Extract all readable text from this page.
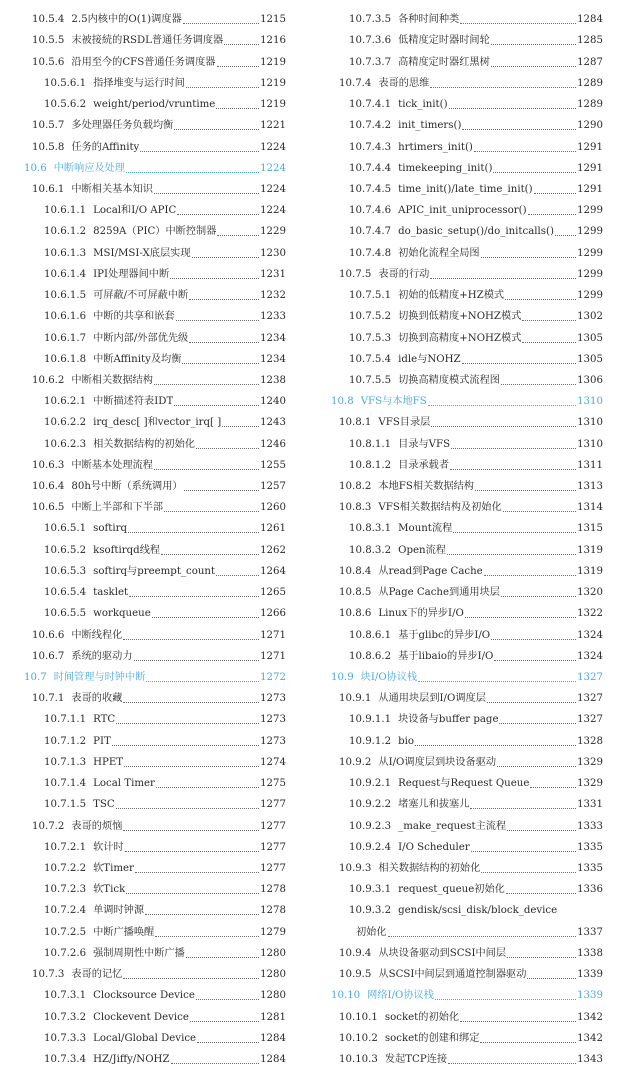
10.5.4 2.5内核中的O(1)调度器	1215
10.5.5 末被接続的RSDL普通任务调度器	1216
10.5.6 沿用至今的CFS普通任务调度器	1219
10.5.6.1 指择堆变与运行时间	1219
10.5.6.2 weight/period/vruntime	1219
10.5.7 多处理器任务负载均衡	1221
10.5.8 任务的Affinity	1224
10.6 中断响应及处理	1224
10.6.1 中断相关基本知识	1224
10.6.1.1 Local和I/O APIC	1224
10.6.1.2 8259A（PIC）中断控制器	1229
10.6.1.3 MSI/MSI-X底层实现	1230
10.6.1.4 IPI处理器间中断	1231
10.6.1.5 可屏蔽/不可屏蔽中断	1232
10.6.1.6 中断的共享和嵌套	1233
10.6.1.7 中断内部/外部优先级	1234
10.6.1.8 中断Affinity及均衡	1234
10.6.2 中断相关数据结构	1238
10.6.2.1 中断描述符表IDT	1240
10.6.2.2 irq_desc[ ]和vector_irq[ ]	1243
10.6.2.3 相关数据结构的初始化	1246
10.6.3 中断基本处理流程	1255
10.6.4 80h号中断（系统调用）	1257
10.6.5 中断上半部和下半部	1260
10.6.5.1 softirq	1261
10.6.5.2 ksoftirqd线程	1262
10.6.5.3 softirq与preempt_count	1264
10.6.5.4 tasklet	1265
10.6.5.5 workqueue	1266
10.6.6 中断线程化	1271
10.6.7 系统的驱动力	1271
10.7 时间管理与时钟中断	1272
10.7.1 表哥的收藏	1273
10.7.1.1 RTC	1273
10.7.1.2 PIT	1273
10.7.1.3 HPET	1274
10.7.1.4 Local Timer	1275
10.7.1.5 TSC	1277
10.7.2 表哥的烦恼	1277
10.7.2.1 软计时	1277
10.7.2.2 软Timer	1277
10.7.2.3 软Tick	1278
10.7.2.4 单调时钟源	1278
10.7.2.5 中断广播唤醒	1279
10.7.2.6 强制周期性中断广播	1280
10.7.3 表哥的记忆	1280
10.7.3.1 Clocksource Device	1280
10.7.3.2 Clockevent Device	1281
10.7.3.3 Local/Global Device	1284
10.7.3.4 HZ/Jiffy/NOHZ	1284
10.7.3.5 各种时间种类	1284
10.7.3.6 低精度定时器时间轮	1285
10.7.3.7 高精度定时器红黑树	1287
10.7.4 表哥的思维	1289
10.7.4.1 tick_init()	1289
10.7.4.2 init_timers()	1290
10.7.4.3 hrtimers_init()	1291
10.7.4.4 timekeeping_init()	1291
10.7.4.5 time_init()/late_time_init()	1291
10.7.4.6 APIC_init_uniprocessor()	1299
10.7.4.7 do_basic_setup()/do_initcalls() 1299
10.7.4.8 初始化流程全局图	1299
10.7.5 表哥的行动	1299
10.7.5.1 初始的低精度+HZ模式	1299
10.7.5.2 切换到低精度+NOHZ模式	1302
10.7.5.3 切换到高精度+NOHZ模式	1305
10.7.5.4 idle与NOHZ	1305
10.7.5.5 切换高精度模式流程图	1306
10.8 VFS与本地FS	1310
10.8.1 VFS目录层	1310
10.8.1.1 目录与VFS	1310
10.8.1.2 目录承载者	1311
10.8.2 本地FS相关数据结构	1313
10.8.3 VFS相关数据结构及初始化	1314
10.8.3.1 Mount流程	1315
10.8.3.2 Open流程	1319
10.8.4 从read到Page Cache	1319
10.8.5 从Page Cache到通用块层	1320
10.8.6 Linux下的异步I/O	1322
10.8.6.1 基于glibc的异步I/O	1324
10.8.6.2 基于libaio的异步I/O	1324
10.9 块I/O协议栈	1327
10.9.1 从通用块层到I/O调度层	1327
10.9.1.1 块设备与buffer page	1327
10.9.1.2 bio	1328
10.9.2 从I/O调度层到块设备驱动	1329
10.9.2.1 Request与Request Queue	1329
10.9.2.2 堵塞儿和拔塞儿	1331
10.9.2.3 _make_request主流程	1333
10.9.2.4 I/O Scheduler	1335
10.9.3 相关数据结构的初始化	1335
10.9.3.1 request_queue初始化	1336
10.9.3.2 gendisk/scsi_disk/block_device
初始化	1337
10.9.4 从块设备驱动到SCSI中间层	1338
10.9.5 从SCSI中间层到通道控制器驱动	1339
10.10 网络I/O协议栈	1339
10.10.1 socket的初始化	1342
10.10.2 socket的创建和绑定	1342
10.10.3 发起TCP连接	1343
